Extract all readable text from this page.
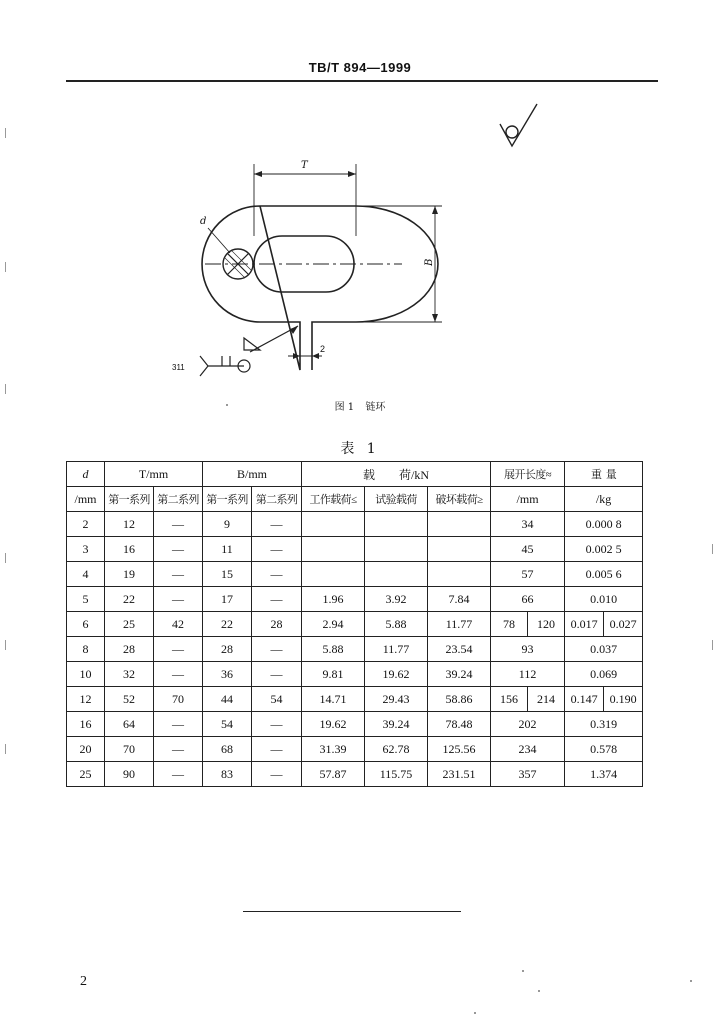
TB/T 894—1999
d
T
B
2
311
图 1 链环
表 1
d	T/mm		B/mm		载        荷/kN			展开长度≈		重  量	
/mm	第一系列	第二系列	第一系列	第二系列	工作载荷≤	试验载荷	破坏载荷≥	/mm		/kg	
2	12	—	9	—				34		0.000 8	
3	16	—	11	—				45		0.002 5	
4	19	—	15	—				57		0.005 6	
5	22	—	17	—	1.96	3.92	7.84	66		0.010	
6	25	42	22	28	2.94	5.88	11.77	78	120	0.017	0.027
8	28	—	28	—	5.88	11.77	23.54	93		0.037	
10	32	—	36	—	9.81	19.62	39.24	112		0.069	
12	52	70	44	54	14.71	29.43	58.86	156	214	0.147	0.190
16	64	—	54	—	19.62	39.24	78.48	202		0.319	
20	70	—	68	—	31.39	62.78	125.56	234		0.578	
25	90	—	83	—	57.87	115.75	231.51	357		1.374	
2
